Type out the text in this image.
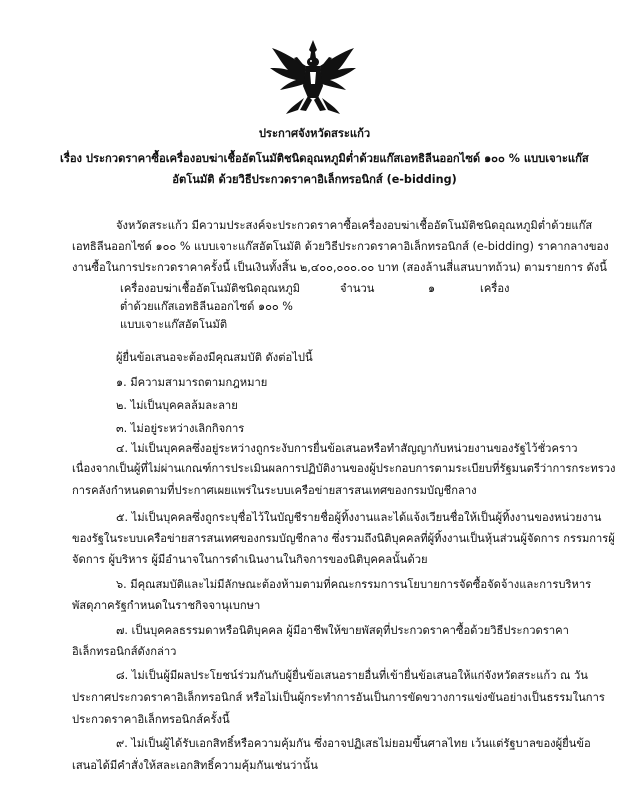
ประกาศจังหวัดสระแก้ว
เรื่อง ประกวดราคาซื้อเครื่องอบฆ่าเชื้ออัตโนมัติชนิดอุณหภูมิต่ำด้วยแก๊สเอทธิลีนออกไซด์ ๑๐๐ % แบบเจาะแก๊ส
อัตโนมัติ ด้วยวิธีประกวดราคาอิเล็กทรอนิกส์ (e-bidding)
จังหวัดสระแก้ว มีความประสงค์จะประกวดราคาซื้อเครื่องอบฆ่าเชื้ออัตโนมัติชนิดอุณหภูมิต่ำด้วยแก๊ส
เอทธิลีนออกไซด์ ๑๐๐ % แบบเจาะแก๊สอัตโนมัติ ด้วยวิธีประกวดราคาอิเล็กทรอนิกส์ (e-bidding) ราคากลางของ
งานซื้อในการประกวดราคาครั้งนี้ เป็นเงินทั้งสิ้น ๒,๔๐๐,๐๐๐.๐๐ บาท (สองล้านสี่แสนบาทถ้วน) ตามรายการ ดังนี้
เครื่องอบฆ่าเชื้ออัตโนมัติชนิดอุณหภูมิ	จำนวน	๑	เครื่อง
ต่ำด้วยแก๊สเอทธิลีนออกไซด์ ๑๐๐ %
แบบเจาะแก๊สอัตโนมัติ
ผู้ยื่นข้อเสนอจะต้องมีคุณสมบัติ ดังต่อไปนี้
๑. มีความสามารถตามกฎหมาย
๒. ไม่เป็นบุคคลล้มละลาย
๓. ไม่อยู่ระหว่างเลิกกิจการ
๔. ไม่เป็นบุคคลซึ่งอยู่ระหว่างถูกระงับการยื่นข้อเสนอหรือทำสัญญากับหน่วยงานของรัฐไว้ชั่วคราว
เนื่องจากเป็นผู้ที่ไม่ผ่านเกณฑ์การประเมินผลการปฏิบัติงานของผู้ประกอบการตามระเบียบที่รัฐมนตรีว่าการกระทรวง
การคลังกำหนดตามที่ประกาศเผยแพร่ในระบบเครือข่ายสารสนเทศของกรมบัญชีกลาง
๕. ไม่เป็นบุคคลซึ่งถูกระบุชื่อไว้ในบัญชีรายชื่อผู้ทิ้งงานและได้แจ้งเวียนชื่อให้เป็นผู้ทิ้งงานของหน่วยงาน
ของรัฐในระบบเครือข่ายสารสนเทศของกรมบัญชีกลาง ซึ่งรวมถึงนิติบุคคลที่ผู้ทิ้งงานเป็นหุ้นส่วนผู้จัดการ กรรมการผู้
จัดการ ผู้บริหาร ผู้มีอำนาจในการดำเนินงานในกิจการของนิติบุคคลนั้นด้วย
๖. มีคุณสมบัติและไม่มีลักษณะต้องห้ามตามที่คณะกรรมการนโยบายการจัดซื้อจัดจ้างและการบริหาร
พัสดุภาครัฐกำหนดในราชกิจจานุเบกษา
๗. เป็นบุคคลธรรมดาหรือนิติบุคคล ผู้มีอาชีพให้ขายพัสดุที่ประกวดราคาซื้อด้วยวิธีประกวดราคา
อิเล็กทรอนิกส์ดังกล่าว
๘. ไม่เป็นผู้มีผลประโยชน์ร่วมกันกับผู้ยื่นข้อเสนอรายอื่นที่เข้ายื่นข้อเสนอให้แก่จังหวัดสระแก้ว ณ วัน
ประกาศประกวดราคาอิเล็กทรอนิกส์ หรือไม่เป็นผู้กระทำการอันเป็นการขัดขวางการแข่งขันอย่างเป็นธรรมในการ
ประกวดราคาอิเล็กทรอนิกส์ครั้งนี้
๙. ไม่เป็นผู้ได้รับเอกสิทธิ์หรือความคุ้มกัน ซึ่งอาจปฏิเสธไม่ยอมขึ้นศาลไทย เว้นแต่รัฐบาลของผู้ยื่นข้อ
เสนอได้มีคำสั่งให้สละเอกสิทธิ์ความคุ้มกันเช่นว่านั้น
